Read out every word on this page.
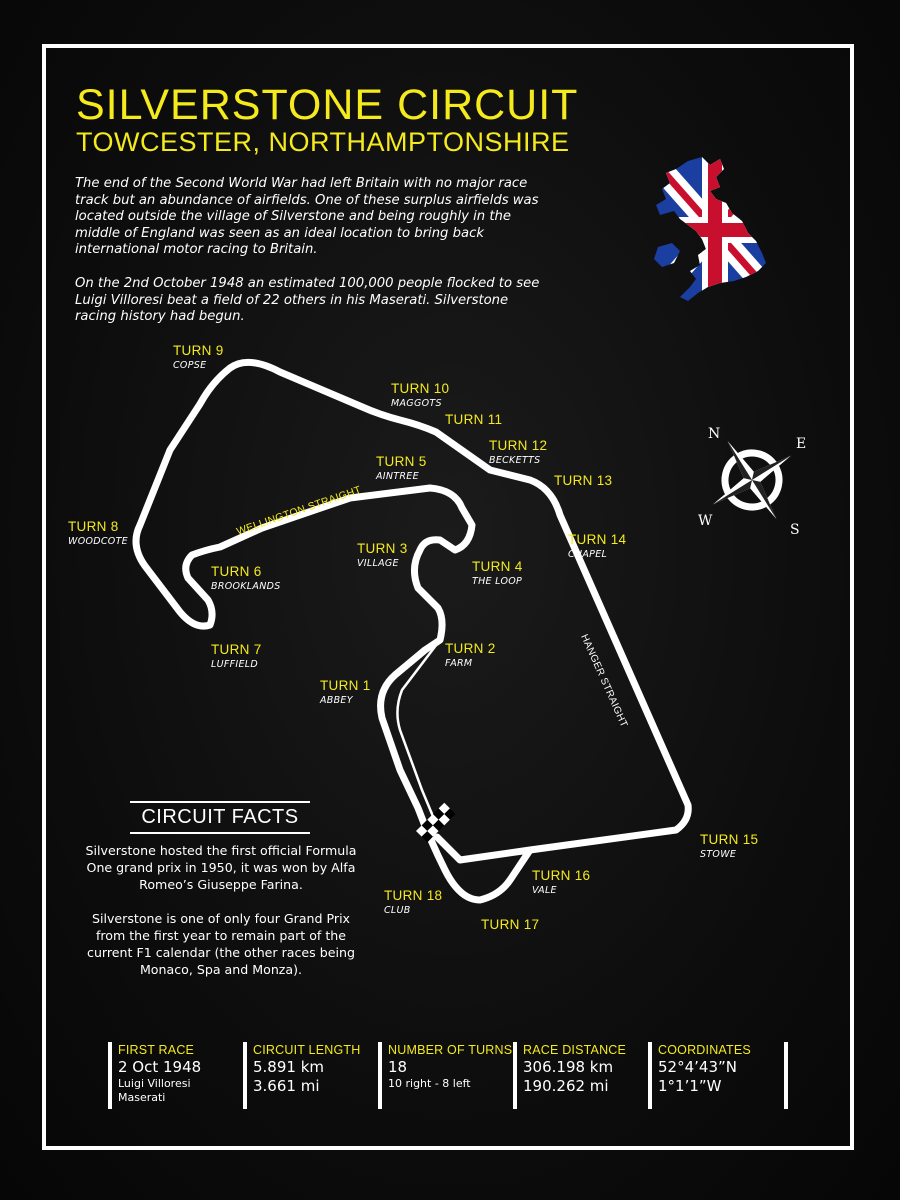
SILVERSTONE CIRCUIT
TOWCESTER, NORTHAMPTONSHIRE

The end of the Second World War had left Britain with no major race track but an abundance of airfields. One of these surplus airfields was located outside the village of Silverstone and being roughly in the middle of England was seen as an ideal location to bring back international motor racing to Britain.

On the 2nd October 1948 an estimated 100,000 people flocked to see Luigi Villoresi beat a field of 22 others in his Maserati. Silverstone racing history had begun.

N
E
S
W
WELLINGTON STRAIGHT
HANGER STRAIGHT
TURN 1
ABBEY
TURN 2
FARM
TURN 3
VILLAGE	TURN 4
THE LOOP
TURN 5
AINTREE
TURN 6
BROOKLANDS
TURN 7
LUFFIELD
TURN 8
WOODCOTE
TURN 9
COPSE
TURN 10
MAGGOTS
TURN 11
TURN 12
BECKETTS
TURN 13
TURN 14
CHAPEL
TURN 15
STOWE
TURN 16
VALE
TURN 17
TURN 18
CLUB
CIRCUIT FACTS

Silverstone hosted the first official Formula One grand prix in 1950, it was won by Alfa Romeo’s Giuseppe Farina.

Silverstone is one of only four Grand Prix from the first year to remain part of the current F1 calendar (the other races being Monaco, Spa and Monza).

FIRST RACE
2 Oct 1948
Luigi Villoresi
Maserati
CIRCUIT LENGTH
5.891 km
3.661 mi
NUMBER OF TURNS
18
10 right - 8 left
RACE DISTANCE
306.198 km
190.262 mi
COORDINATES
52°4’43”N
1°1’1”W
